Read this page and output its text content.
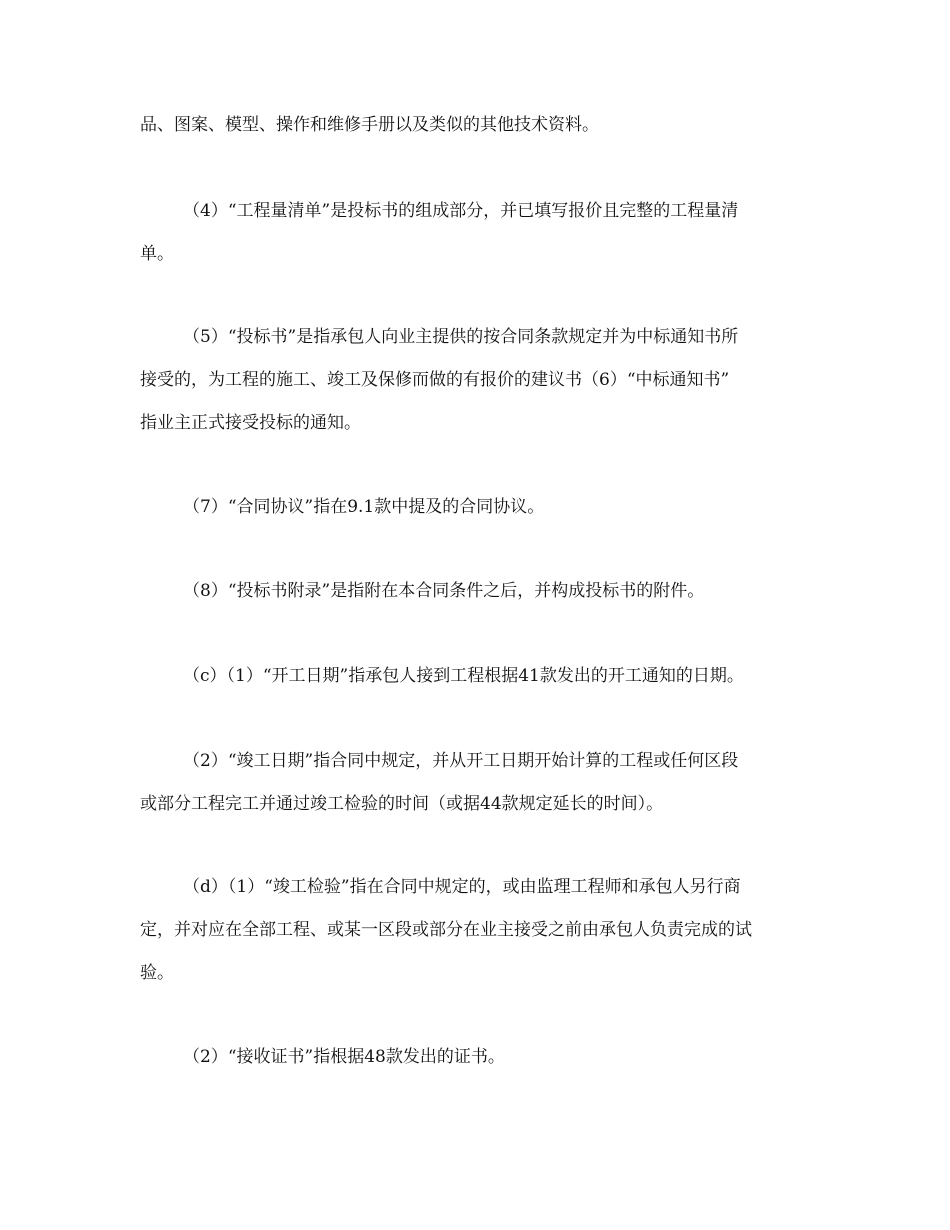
品、图案、模型、操作和维修手册以及类似的其他技术资料。
（4）“工程量清单”是投标书的组成部分，并已填写报价且完整的工程量清
单。
（5）“投标书”是指承包人向业主提供的按合同条款规定并为中标通知书所
接受的，为工程的施工、竣工及保修而做的有报价的建议书（6）“中标通知书”
指业主正式接受投标的通知。
（7）“合同协议”指在9.1款中提及的合同协议。
（8）“投标书附录”是指附在本合同条件之后，并构成投标书的附件。
（c）（1）“开工日期”指承包人接到工程根据41款发出的开工通知的日期。
（2）“竣工日期”指合同中规定，并从开工日期开始计算的工程或任何区段
或部分工程完工并通过竣工检验的时间（或据44款规定延长的时间）。
（d）（1）“竣工检验”指在合同中规定的，或由监理工程师和承包人另行商
定，并对应在全部工程、或某一区段或部分在业主接受之前由承包人负责完成的试
验。
（2）“接收证书”指根据48款发出的证书。
